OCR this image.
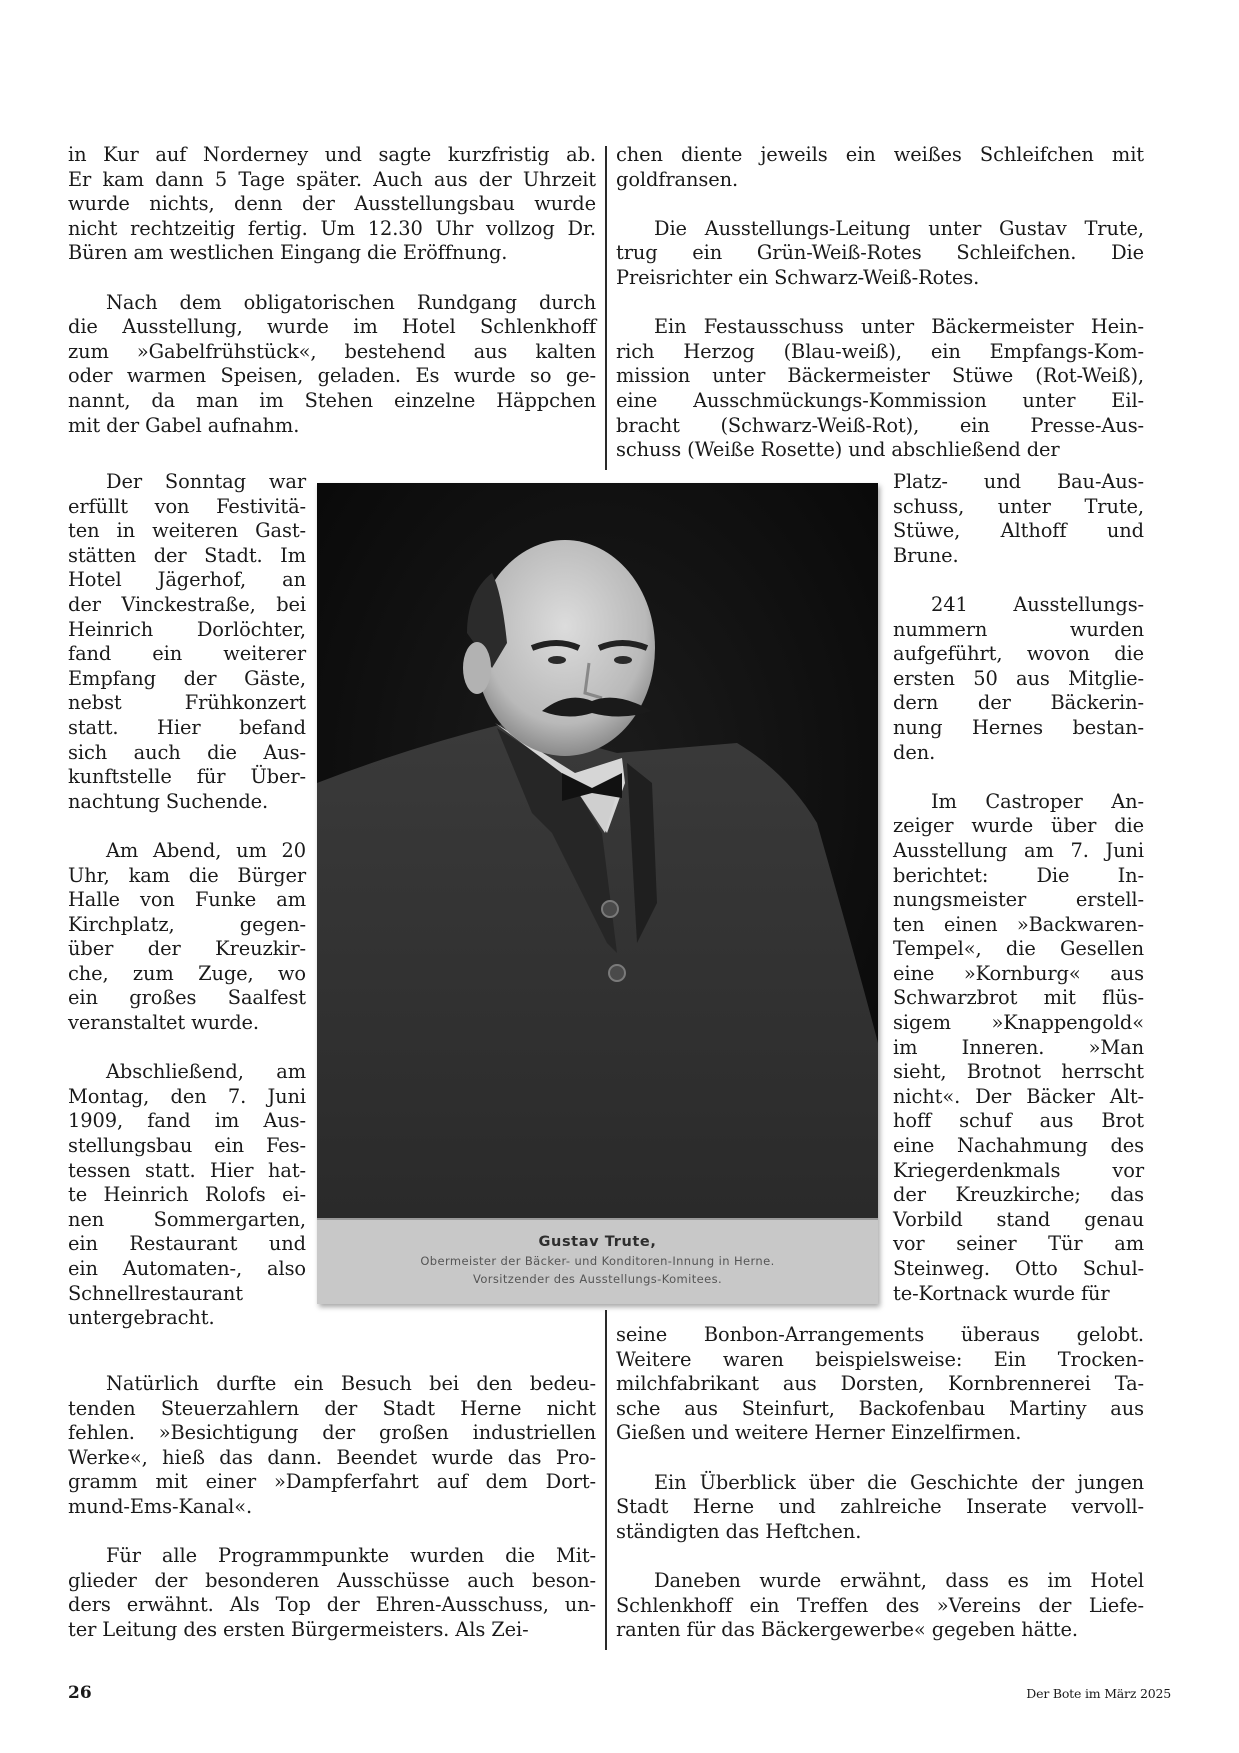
in Kur auf Norderney und sagte kurzfristig ab.
Er kam dann 5 Tage später. Auch aus der Uhrzeit
wurde nichts, denn der Ausstellungsbau wurde
nicht rechtzeitig fertig. Um 12.30 Uhr vollzog Dr.
Büren am westlichen Eingang die Eröffnung.

Nach dem obligatorischen Rundgang durch
die Ausstellung, wurde im Hotel Schlenkhoff
zum »Gabelfrühstück«, bestehend aus kalten
oder warmen Speisen, geladen. Es wurde so ge-
nannt, da man im Stehen einzelne Häppchen
mit der Gabel aufnahm.

chen diente jeweils ein weißes Schleifchen mit
goldfransen.

Die Ausstellungs-Leitung unter Gustav Trute,
trug ein Grün-Weiß-Rotes Schleifchen. Die
Preisrichter ein Schwarz-Weiß-Rotes.

Ein Festausschuss unter Bäckermeister Hein-
rich Herzog (Blau-weiß), ein Empfangs-Kom-
mission unter Bäckermeister Stüwe (Rot-Weiß),
eine Ausschmückungs-Kommission unter Eil-
bracht (Schwarz-Weiß-Rot), ein Presse-Aus-
schuss (Weiße Rosette) und abschließend der

Der Sonntag war
erfüllt von Festivitä-
ten in weiteren Gast-
stätten der Stadt. Im
Hotel Jägerhof, an
der Vinckestraße, bei
Heinrich Dorlöchter,
fand ein weiterer
Empfang der Gäste,
nebst Frühkonzert
statt. Hier befand
sich auch die Aus-
kunftstelle für Über-
nachtung Suchende.

Am Abend, um 20
Uhr, kam die Bürger
Halle von Funke am
Kirchplatz, gegen-
über der Kreuzkir-
che, zum Zuge, wo
ein großes Saalfest
veranstaltet wurde.

Abschließend, am
Montag, den 7. Juni
1909, fand im Aus-
stellungsbau ein Fes-
tessen statt. Hier hat-
te Heinrich Rolofs ei-
nen Sommergarten,
ein Restaurant und
ein Automaten-, also
Schnellrestaurant
untergebracht.

Platz- und Bau-Aus-
schuss, unter Trute,
Stüwe, Althoff und
Brune.

241 Ausstellungs-
nummern wurden
aufgeführt, wovon die
ersten 50 aus Mitglie-
dern der Bäckerin-
nung Hernes bestan-
den.

Im Castroper An-
zeiger wurde über die
Ausstellung am 7. Juni
berichtet: Die In-
nungsmeister erstell-
ten einen »Backwaren-
Tempel«, die Gesellen
eine »Kornburg« aus
Schwarzbrot mit flüs-
sigem »Knappengold«
im Inneren. »Man
sieht, Brotnot herrscht
nicht«. Der Bäcker Alt-
hoff schuf aus Brot
eine Nachahmung des
Kriegerdenkmals vor
der Kreuzkirche; das
Vorbild stand genau
vor seiner Tür am
Steinweg. Otto Schul-
te-Kortnack wurde für

Natürlich durfte ein Besuch bei den bedeu-
tenden Steuerzahlern der Stadt Herne nicht
fehlen. »Besichtigung der großen industriellen
Werke«, hieß das dann. Beendet wurde das Pro-
gramm mit einer »Dampferfahrt auf dem Dort-
mund-Ems-Kanal«.

Für alle Programmpunkte wurden die Mit-
glieder der besonderen Ausschüsse auch beson-
ders erwähnt. Als Top der Ehren-Ausschuss, un-
ter Leitung des ersten Bürgermeisters. Als Zei-

seine Bonbon-Arrangements überaus gelobt.
Weitere waren beispielsweise: Ein Trocken-
milchfabrikant aus Dorsten, Kornbrennerei Ta-
sche aus Steinfurt, Backofenbau Martiny aus
Gießen und weitere Herner Einzelfirmen.

Ein Überblick über die Geschichte der jungen
Stadt Herne und zahlreiche Inserate vervoll-
ständigten das Heftchen.

Daneben wurde erwähnt, dass es im Hotel
Schlenkhoff ein Treffen des »Vereins der Liefe-
ranten für das Bäckergewerbe« gegeben hätte.

Gustav Trute,
Obermeister der Bäcker- und Konditoren-Innung in Herne.
Vorsitzender des Ausstellungs-Komitees.
26	Der Bote im März 2025
